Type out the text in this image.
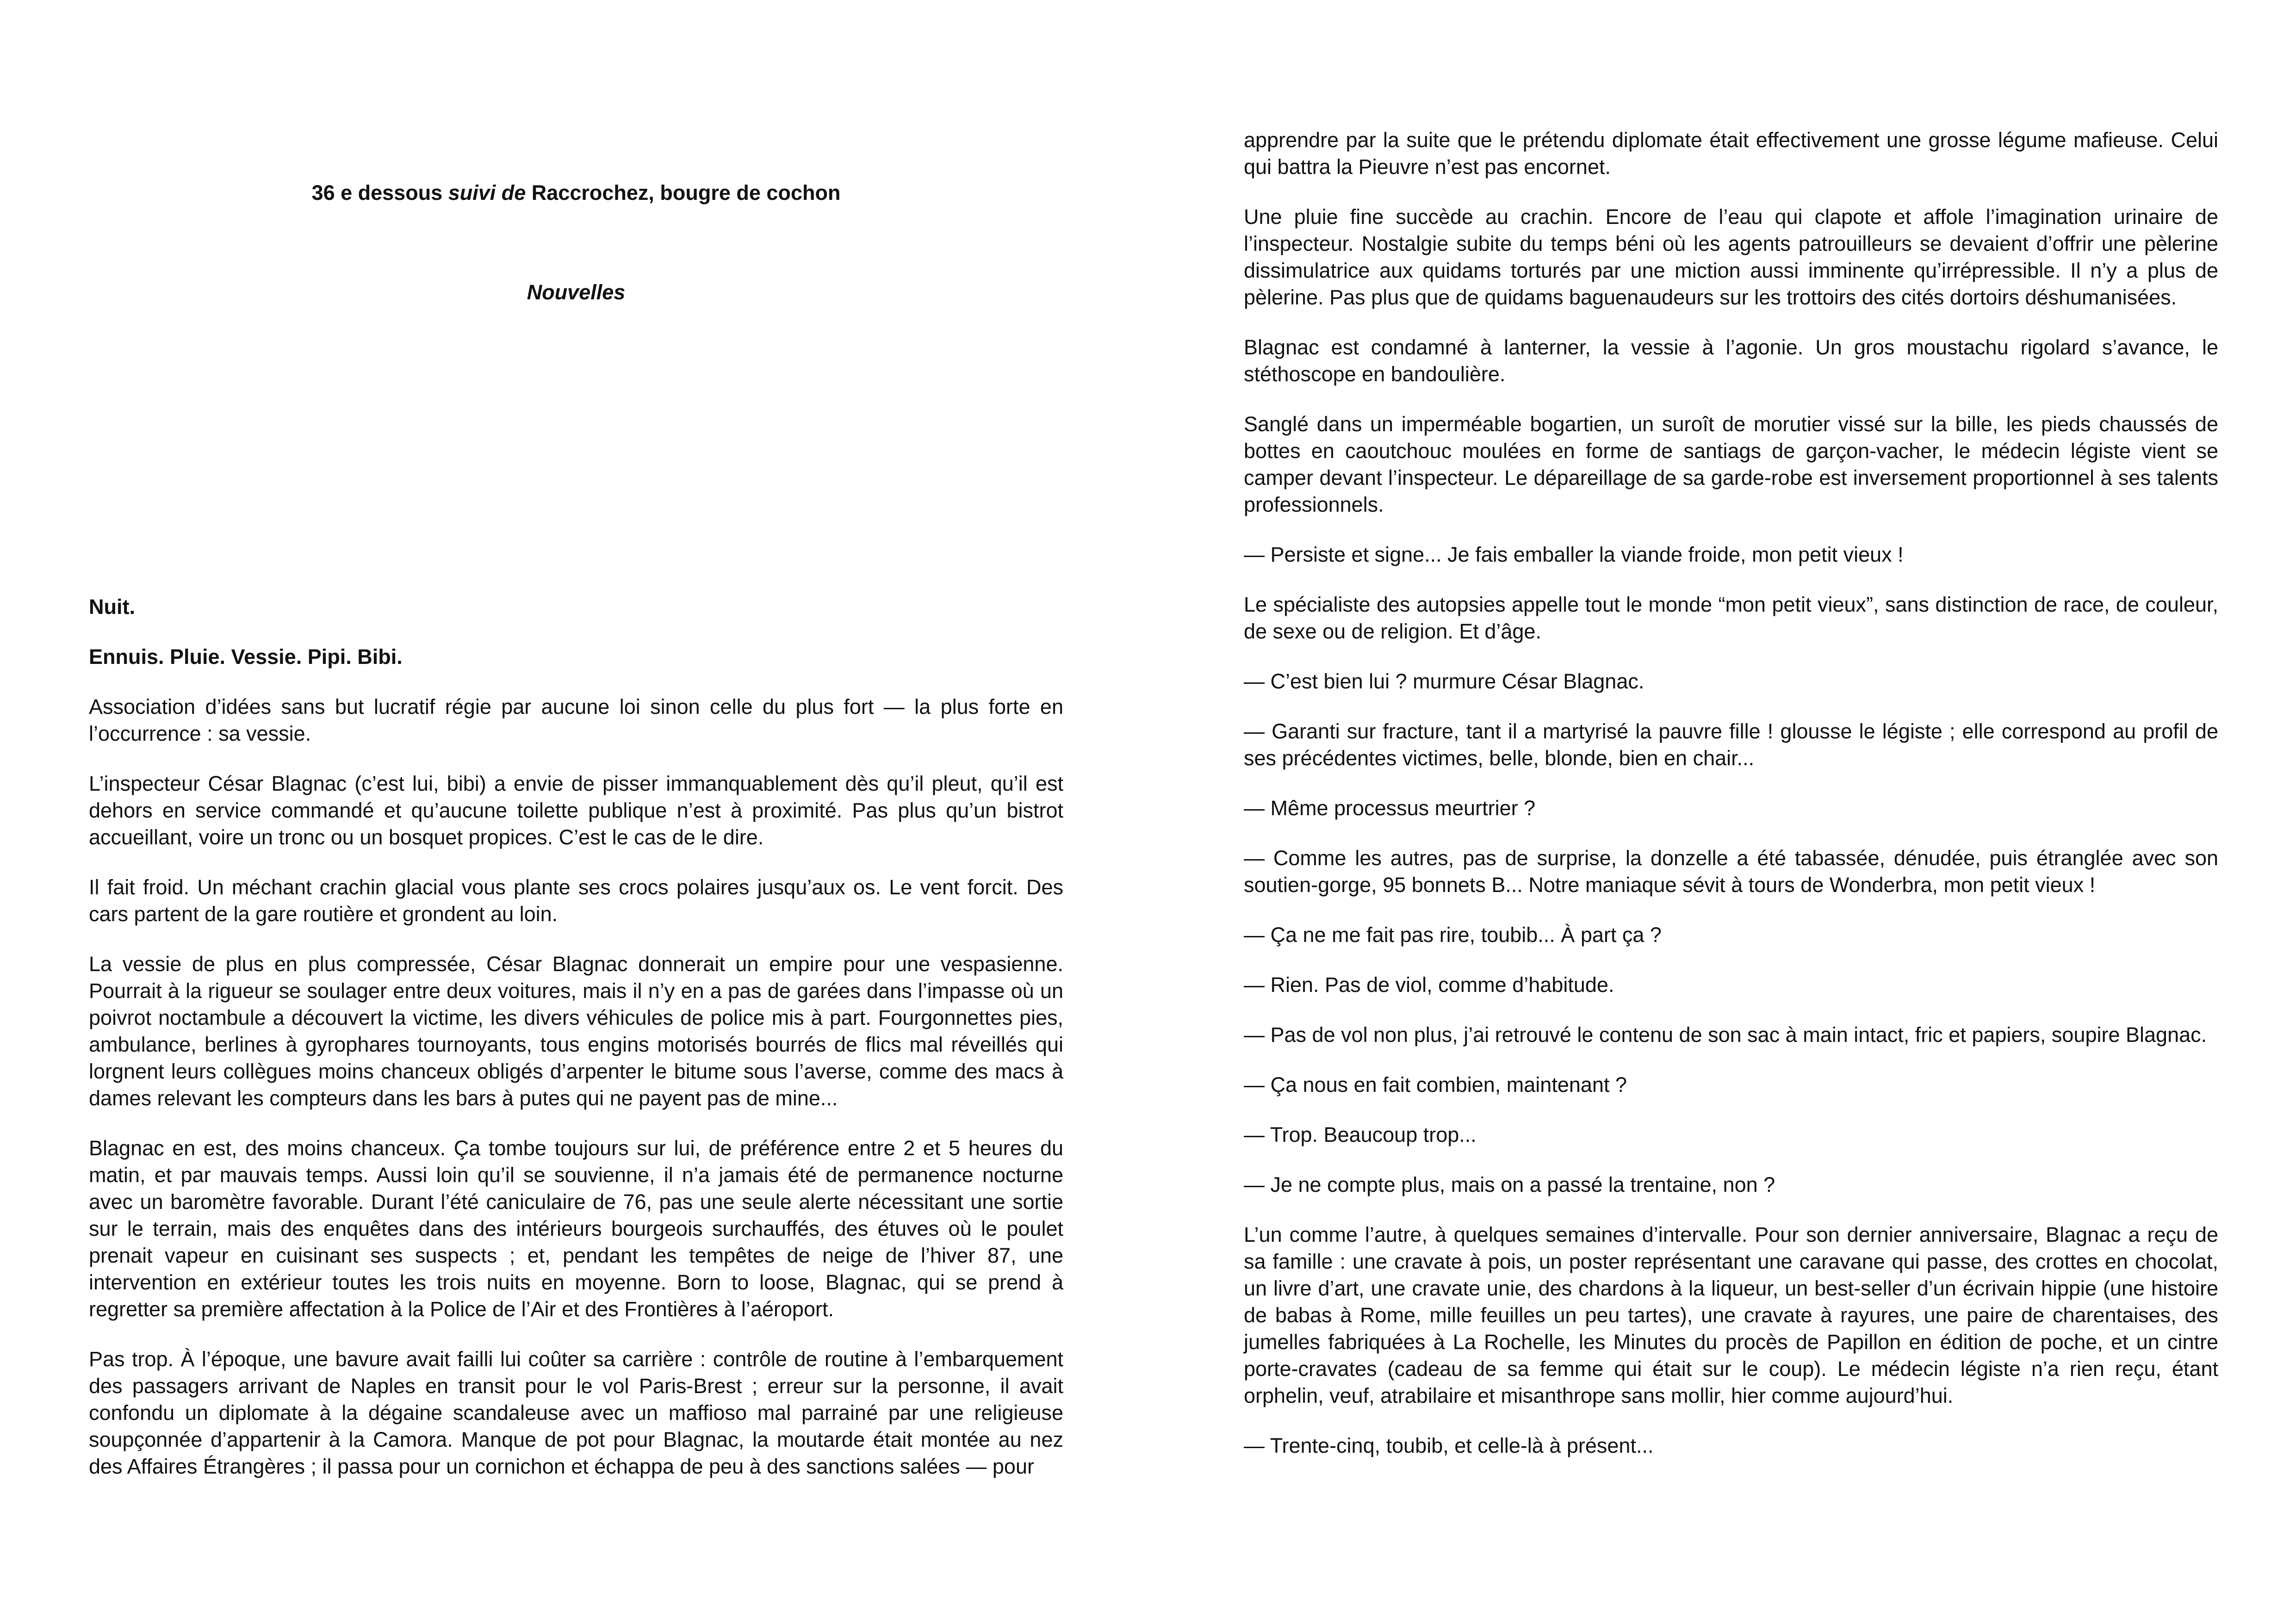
36 e dessous suivi de Raccrochez, bougre de cochon
Nouvelles

Nuit.

Ennuis. Pluie. Vessie. Pipi. Bibi.

Association d’idées sans but lucratif régie par aucune loi sinon celle du plus fort — la plus forte en l’occurrence : sa vessie.

L’inspecteur César Blagnac (c’est lui, bibi) a envie de pisser immanquablement dès qu’il pleut, qu’il est dehors en service commandé et qu’aucune toilette publique n’est à proximité. Pas plus qu’un bistrot accueillant, voire un tronc ou un bosquet propices. C’est le cas de le dire.

Il fait froid. Un méchant crachin glacial vous plante ses crocs polaires jusqu’aux os. Le vent forcit. Des cars partent de la gare routière et grondent au loin.

La vessie de plus en plus compressée, César Blagnac donnerait un empire pour une vespasienne. Pourrait à la rigueur se soulager entre deux voitures, mais il n’y en a pas de garées dans l’impasse où un poivrot noctambule a découvert la victime, les divers véhicules de police mis à part. Fourgonnettes pies, ambulance, berlines à gyrophares tournoyants, tous engins motorisés bourrés de flics mal réveillés qui lorgnent leurs collègues moins chanceux obligés d’arpenter le bitume sous l’averse, comme des macs à dames relevant les compteurs dans les bars à putes qui ne payent pas de mine...

Blagnac en est, des moins chanceux. Ça tombe toujours sur lui, de préférence entre 2 et 5 heures du matin, et par mauvais temps. Aussi loin qu’il se souvienne, il n’a jamais été de permanence nocturne avec un baromètre favorable. Durant l’été caniculaire de 76, pas une seule alerte nécessitant une sortie sur le terrain, mais des enquêtes dans des intérieurs bourgeois surchauffés, des étuves où le poulet prenait vapeur en cuisinant ses suspects ; et, pendant les tempêtes de neige de l’hiver 87, une intervention en extérieur toutes les trois nuits en moyenne. Born to loose, Blagnac, qui se prend à regretter sa première affectation à la Police de l’Air et des Frontières à l’aéroport.

Pas trop. À l’époque, une bavure avait failli lui coûter sa carrière : contrôle de routine à l’embarquement des passagers arrivant de Naples en transit pour le vol Paris-Brest ; erreur sur la personne, il avait confondu un diplomate à la dégaine scandaleuse avec un maffioso mal parrainé par une religieuse soupçonnée d’appartenir à la Camora. Manque de pot pour Blagnac, la moutarde était montée au nez des Affaires Étrangères ; il passa pour un cornichon et échappa de peu à des sanctions salées — pour

apprendre par la suite que le prétendu diplomate était effectivement une grosse légume mafieuse. Celui qui battra la Pieuvre n’est pas encornet.

Une pluie fine succède au crachin. Encore de l’eau qui clapote et affole l’imagination urinaire de l’inspecteur. Nostalgie subite du temps béni où les agents patrouilleurs se devaient d’offrir une pèlerine dissimulatrice aux quidams torturés par une miction aussi imminente qu’irrépressible. Il n’y a plus de pèlerine. Pas plus que de quidams baguenaudeurs sur les trottoirs des cités dortoirs déshumanisées.

Blagnac est condamné à lanterner, la vessie à l’agonie. Un gros moustachu rigolard s’avance, le stéthoscope en bandoulière.

Sanglé dans un imperméable bogartien, un suroît de morutier vissé sur la bille, les pieds chaussés de bottes en caoutchouc moulées en forme de santiags de garçon-vacher, le médecin légiste vient se camper devant l’inspecteur. Le dépareillage de sa garde-robe est inversement proportionnel à ses talents professionnels.

— Persiste et signe... Je fais emballer la viande froide, mon petit vieux !

Le spécialiste des autopsies appelle tout le monde “mon petit vieux”, sans distinction de race, de couleur, de sexe ou de religion. Et d’âge.

— C’est bien lui ? murmure César Blagnac.

— Garanti sur fracture, tant il a martyrisé la pauvre fille ! glousse le légiste ; elle correspond au profil de ses précédentes victimes, belle, blonde, bien en chair...

— Même processus meurtrier ?

— Comme les autres, pas de surprise, la donzelle a été tabassée, dénudée, puis étranglée avec son soutien-gorge, 95 bonnets B... Notre maniaque sévit à tours de Wonderbra, mon petit vieux !

— Ça ne me fait pas rire, toubib... À part ça ?

— Rien. Pas de viol, comme d’habitude.

— Pas de vol non plus, j’ai retrouvé le contenu de son sac à main intact, fric et papiers, soupire Blagnac.

— Ça nous en fait combien, maintenant ?

— Trop. Beaucoup trop...

— Je ne compte plus, mais on a passé la trentaine, non ?

L’un comme l’autre, à quelques semaines d’intervalle. Pour son dernier anniversaire, Blagnac a reçu de sa famille : une cravate à pois, un poster représentant une caravane qui passe, des crottes en chocolat, un livre d’art, une cravate unie, des chardons à la liqueur, un best-seller d’un écrivain hippie (une histoire de babas à Rome, mille feuilles un peu tartes), une cravate à rayures, une paire de charentaises, des jumelles fabriquées à La Rochelle, les Minutes du procès de Papillon en édition de poche, et un cintre porte-cravates (cadeau de sa femme qui était sur le coup). Le médecin légiste n’a rien reçu, étant orphelin, veuf, atrabilaire et misanthrope sans mollir, hier comme aujourd’hui.

— Trente-cinq, toubib, et celle-là à présent...
